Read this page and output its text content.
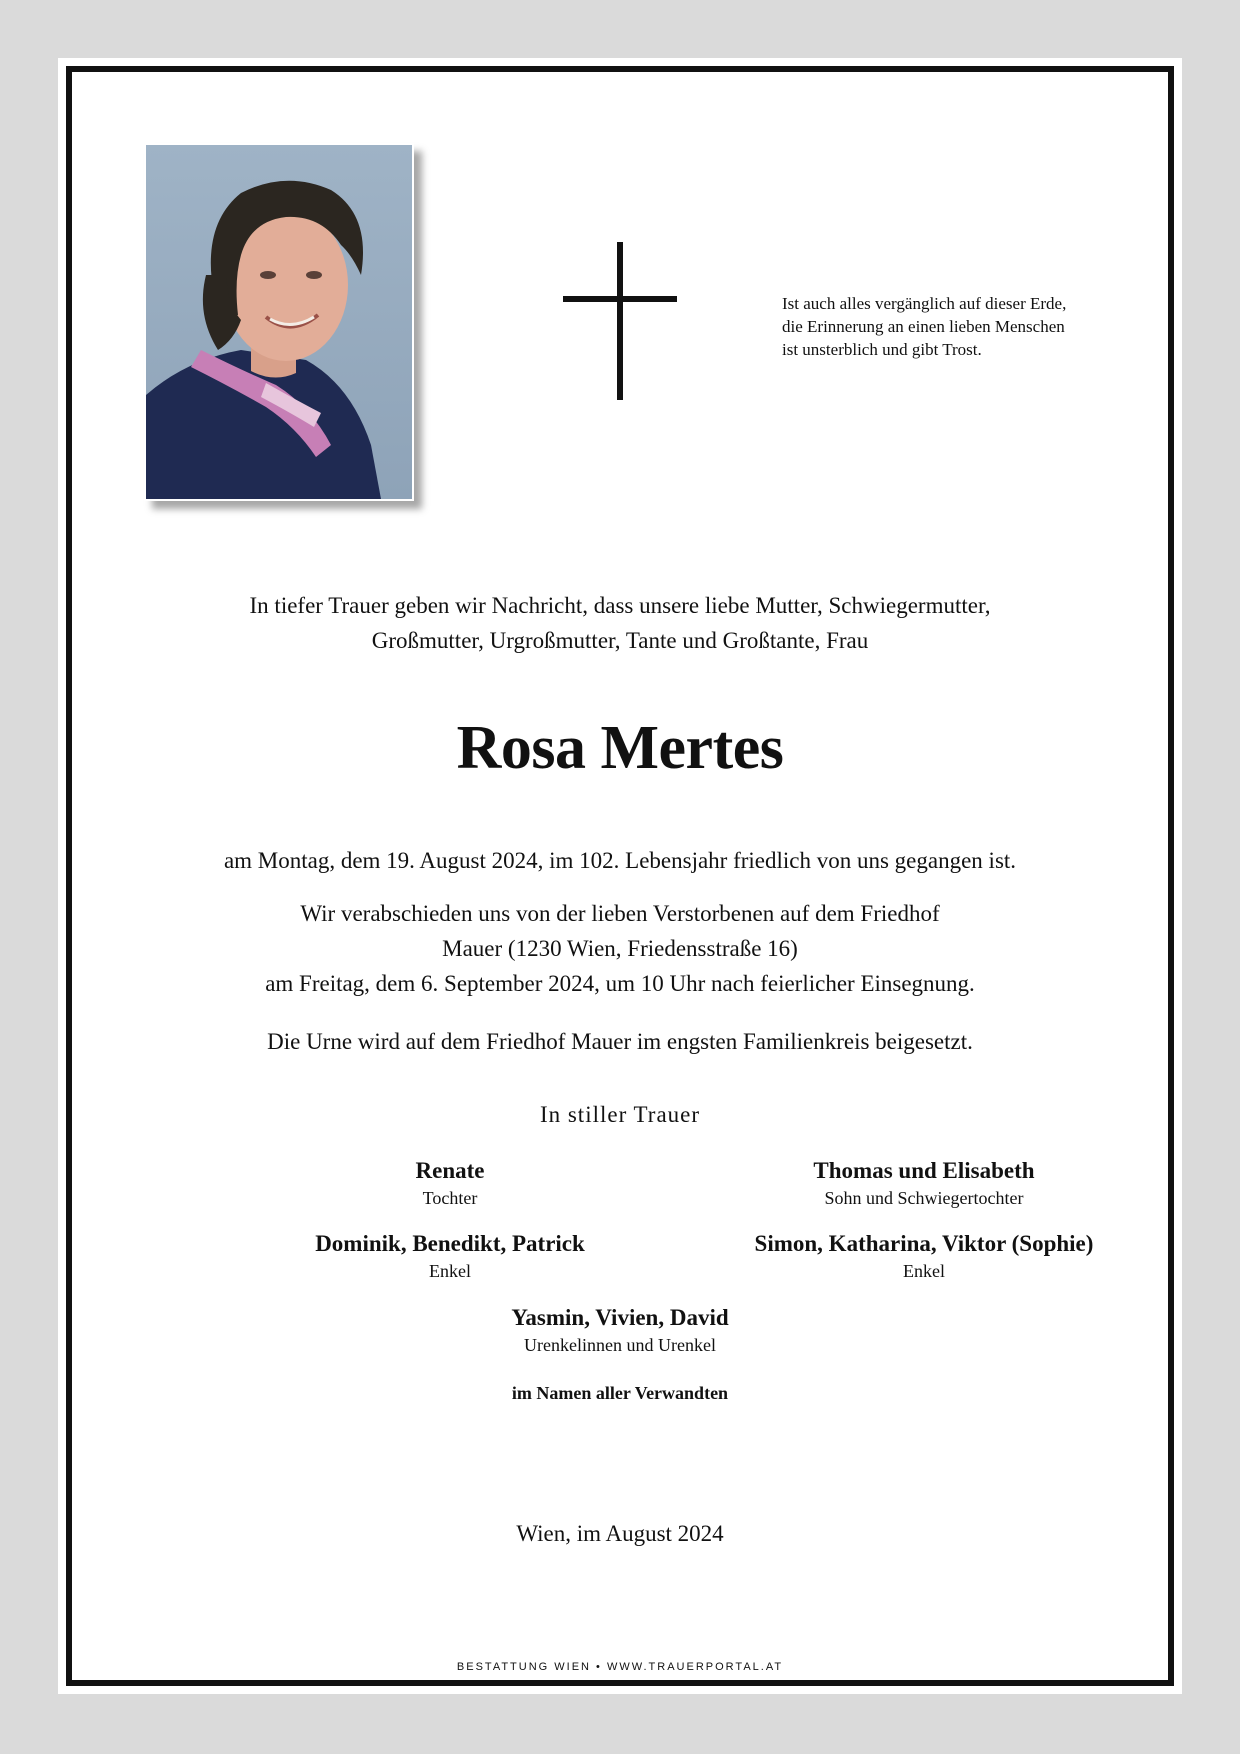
Ist auch alles vergänglich auf dieser Erde,
die Erinnerung an einen lieben Menschen
ist unsterblich und gibt Trost.
In tiefer Trauer geben wir Nachricht, dass unsere liebe Mutter, Schwiegermutter,
Großmutter, Urgroßmutter, Tante und Großtante, Frau
Rosa Mertes
am Montag, dem 19. August 2024, im 102. Lebensjahr friedlich von uns gegangen ist.
Wir verabschieden uns von der lieben Verstorbenen auf dem Friedhof
Mauer (1230 Wien, Friedensstraße 16)
am Freitag, dem 6. September 2024, um 10 Uhr nach feierlicher Einsegnung.
Die Urne wird auf dem Friedhof Mauer im engsten Familienkreis beigesetzt.
In stiller Trauer
Renate
Tochter
Thomas und Elisabeth
Sohn und Schwiegertochter
Dominik, Benedikt, Patrick
Enkel
Simon, Katharina, Viktor (Sophie)
Enkel
Yasmin, Vivien, David
Urenkelinnen und Urenkel
im Namen aller Verwandten
Wien, im August 2024
BESTATTUNG WIEN • WWW.TRAUERPORTAL.AT
